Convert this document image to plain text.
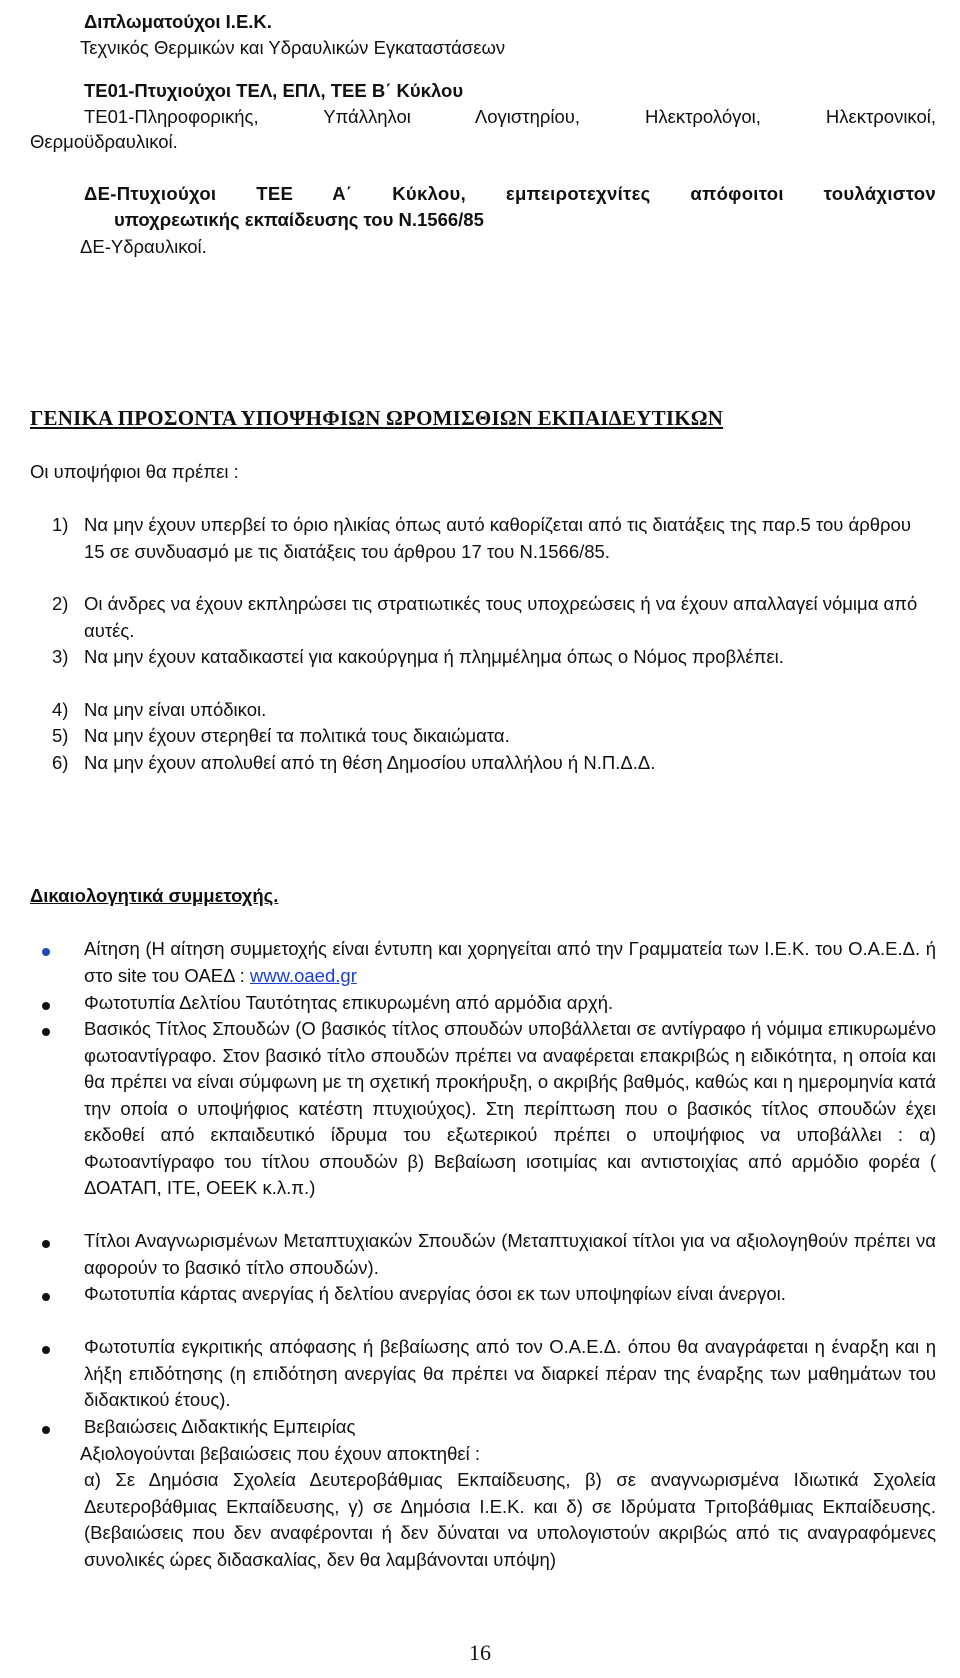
Διπλωματούχοι Ι.Ε.Κ.
Τεχνικός Θερμικών και Υδραυλικών Εγκαταστάσεων
ΤΕ01-Πτυχιούχοι ΤΕΛ, ΕΠΛ, ΤΕΕ Β΄ Κύκλου
ΤΕ01-Πληροφορικής, Υπάλληλοι Λογιστηρίου, Ηλεκτρολόγοι, Ηλεκτρονικοί,
Θερμοϋδραυλικοί.
ΔΕ-Πτυχιούχοι ΤΕΕ Α΄ Κύκλου, εμπειροτεχνίτες απόφοιτοι τουλάχιστον
υποχρεωτικής εκπαίδευσης του Ν.1566/85
ΔΕ-Υδραυλικοί.
ΓΕΝΙΚΑ ΠΡΟΣΟΝΤΑ ΥΠΟΨΗΦΙΩΝ ΩΡΟΜΙΣΘΙΩΝ ΕΚΠΑΙΔΕΥΤΙΚΩΝ
Οι υποψήφιοι θα πρέπει :
1) Να μην έχουν υπερβεί το όριο ηλικίας όπως αυτό καθορίζεται από τις διατάξεις της παρ.5 του άρθρου 15 σε συνδυασμό με τις διατάξεις του άρθρου 17 του Ν.1566/85.
2) Οι άνδρες να έχουν εκπληρώσει τις στρατιωτικές τους υποχρεώσεις ή να έχουν απαλλαγεί νόμιμα από αυτές.
3) Να μην έχουν καταδικαστεί για κακούργημα ή πλημμέλημα όπως ο Νόμος προβλέπει.
4) Να μην είναι υπόδικοι.
5) Να μην έχουν στερηθεί τα πολιτικά τους δικαιώματα.
6) Να μην έχουν απολυθεί από τη θέση Δημοσίου υπαλλήλου ή Ν.Π.Δ.Δ.
Δικαιολογητικά συμμετοχής.
Αίτηση (Η αίτηση συμμετοχής είναι έντυπη και χορηγείται από την Γραμματεία των Ι.Ε.Κ. του Ο.Α.Ε.Δ. ή στο site του ΟΑΕΔ : www.oaed.gr
Φωτοτυπία Δελτίου Ταυτότητας επικυρωμένη από αρμόδια αρχή.
Βασικός Τίτλος Σπουδών (Ο βασικός τίτλος σπουδών υποβάλλεται σε αντίγραφο ή νόμιμα επικυρωμένο φωτοαντίγραφο. Στον βασικό τίτλο σπουδών πρέπει να αναφέρεται επακριβώς η ειδικότητα, η οποία και θα πρέπει να είναι σύμφωνη με τη σχετική προκήρυξη, ο ακριβής βαθμός, καθώς και η ημερομηνία κατά την οποία ο υποψήφιος κατέστη πτυχιούχος). Στη περίπτωση που ο βασικός τίτλος σπουδών έχει εκδοθεί από εκπαιδευτικό ίδρυμα του εξωτερικού πρέπει ο υποψήφιος να υποβάλλει : α) Φωτοαντίγραφο του τίτλου σπουδών β) Βεβαίωση ισοτιμίας και αντιστοιχίας από αρμόδιο φορέα ( ΔΟΑΤΑΠ, ΙΤΕ, ΟΕΕΚ κ.λ.π.)
Τίτλοι Αναγνωρισμένων Μεταπτυχιακών Σπουδών (Μεταπτυχιακοί τίτλοι για να αξιολογηθούν πρέπει να αφορούν το βασικό τίτλο σπουδών).
Φωτοτυπία κάρτας ανεργίας ή δελτίου ανεργίας όσοι εκ των υποψηφίων είναι άνεργοι.
Φωτοτυπία εγκριτικής απόφασης ή βεβαίωσης από τον Ο.Α.Ε.Δ. όπου θα αναγράφεται η έναρξη και η λήξη επιδότησης (η επιδότηση ανεργίας θα πρέπει να διαρκεί πέραν της έναρξης των μαθημάτων του διδακτικού έτους).
Βεβαιώσεις Διδακτικής Εμπειρίας
Αξιολογούνται βεβαιώσεις που έχουν αποκτηθεί :
α) Σε Δημόσια Σχολεία Δευτεροβάθμιας Εκπαίδευσης, β) σε αναγνωρισμένα Ιδιωτικά Σχολεία Δευτεροβάθμιας Εκπαίδευσης, γ) σε Δημόσια Ι.Ε.Κ. και δ) σε Ιδρύματα Τριτοβάθμιας Εκπαίδευσης. (Βεβαιώσεις που δεν αναφέρονται ή δεν δύναται να υπολογιστούν ακριβώς από τις αναγραφόμενες συνολικές ώρες διδασκαλίας, δεν θα λαμβάνονται υπόψη)
16
